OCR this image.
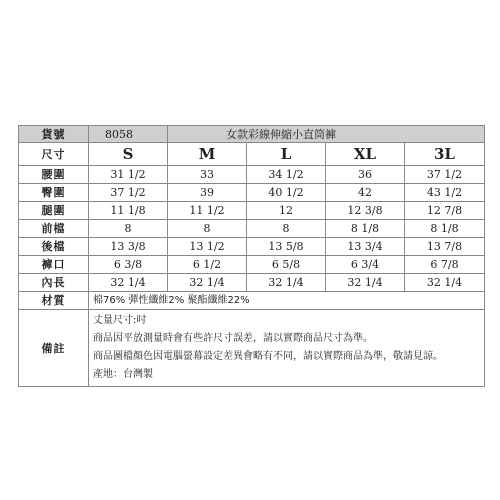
貨號	8058	女款彩線伸縮小直筒褲			
尺寸	S	M	L	XL	3L
腰圍	31 1/2	33	34 1/2	36	37 1/2
臀圍	37 1/2	39	40 1/2	42	43 1/2
腿圍	11 1/8	11 1/2	12	12 3/8	12 7/8
前檔	8	8	8	8 1/8	8 1/8
後檔	13 3/8	13 1/2	13 5/8	13 3/4	13 7/8
褲口	6 3/8	6 1/2	6 5/8	6 3/4	6 7/8
內長	32 1/4	32 1/4	32 1/4	32 1/4	32 1/4
材質	棉76% 彈性纖維2% 聚酯纖維22%				
備註	丈量尺寸:吋
商品因平放測量時會有些許尺寸誤差，請以實際商品尺寸為準。
商品圖檔顏色因電腦螢幕設定差異會略有不同，請以實際商品為準，敬請見諒。
產地：台灣製				
